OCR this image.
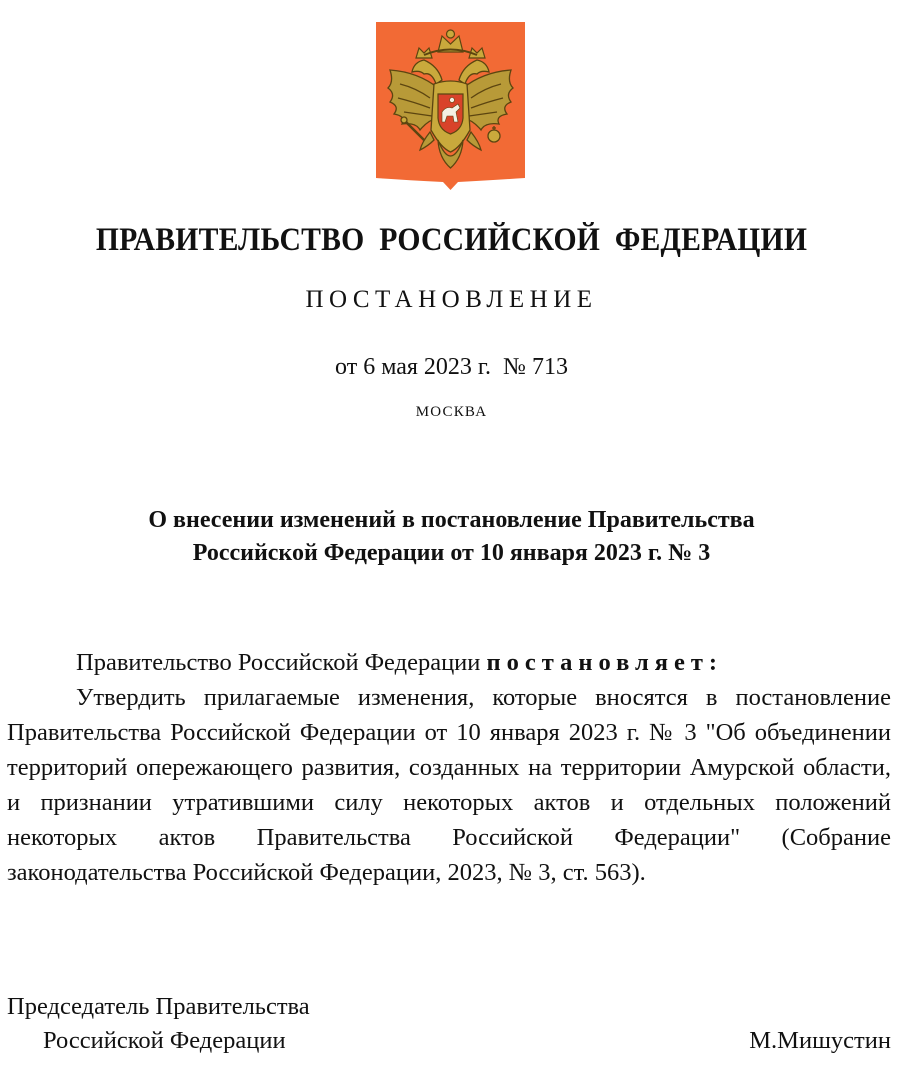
ПРАВИТЕЛЬСТВО РОССИЙСКОЙ ФЕДЕРАЦИИ
ПОСТАНОВЛЕНИЕ
от 6 мая 2023 г.  № 713
МОСКВА
О внесении изменений в постановление Правительства
Российской Федерации от 10 января 2023 г. № 3

Правительство Российской Федерации постановляет:

Утвердить прилагаемые изменения, которые вносятся в постановление Правительства Российской Федерации от 10 января 2023 г. № 3 "Об объединении территорий опережающего развития, созданных на территории Амурской области, и признании утратившими силу некоторых актов и отдельных положений некоторых актов Правительства Российской Федерации" (Собрание законодательства Российской Федерации, 2023, № 3, ст. 563).

Председатель Правительства
Российской Федерации	М.Мишустин
